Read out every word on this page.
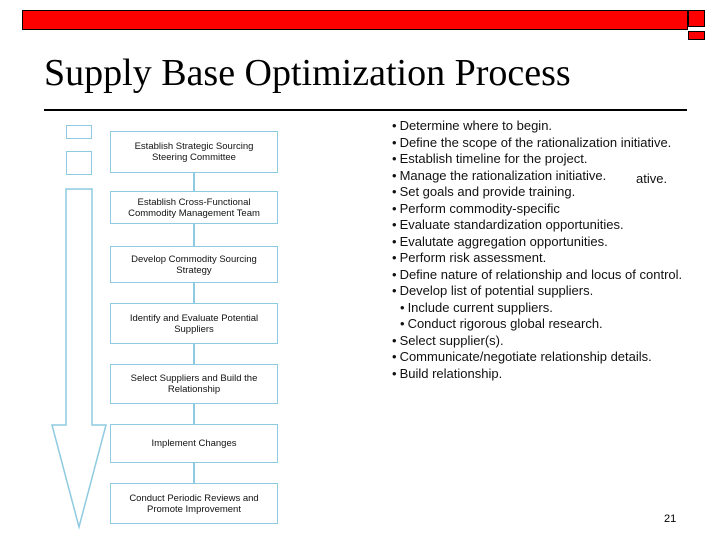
Supply Base Optimization Process
Establish Strategic Sourcing Steering Committee
Establish Cross-Functional Commodity Management Team
Develop Commodity Sourcing Strategy
Identify and Evaluate Potential Suppliers
Select Suppliers and Build the Relationship
Implement Changes
Conduct Periodic Reviews and Promote Improvement
• Determine where to begin.
• Define the scope of the rationalization initiative.
• Establish timeline for the project.
• Manage the rationalization initiative.
• Set goals and provide training.
• Perform commodity-specific
• Evaluate standardization opportunities.
• Evalutate aggregation opportunities.
• Perform risk assessment.
• Define nature of relationship and locus of control.
• Develop list of potential suppliers.
• Include current suppliers.
• Conduct rigorous global research.
• Select supplier(s).
• Communicate/negotiate relationship details.
• Build relationship.
ative.
21
